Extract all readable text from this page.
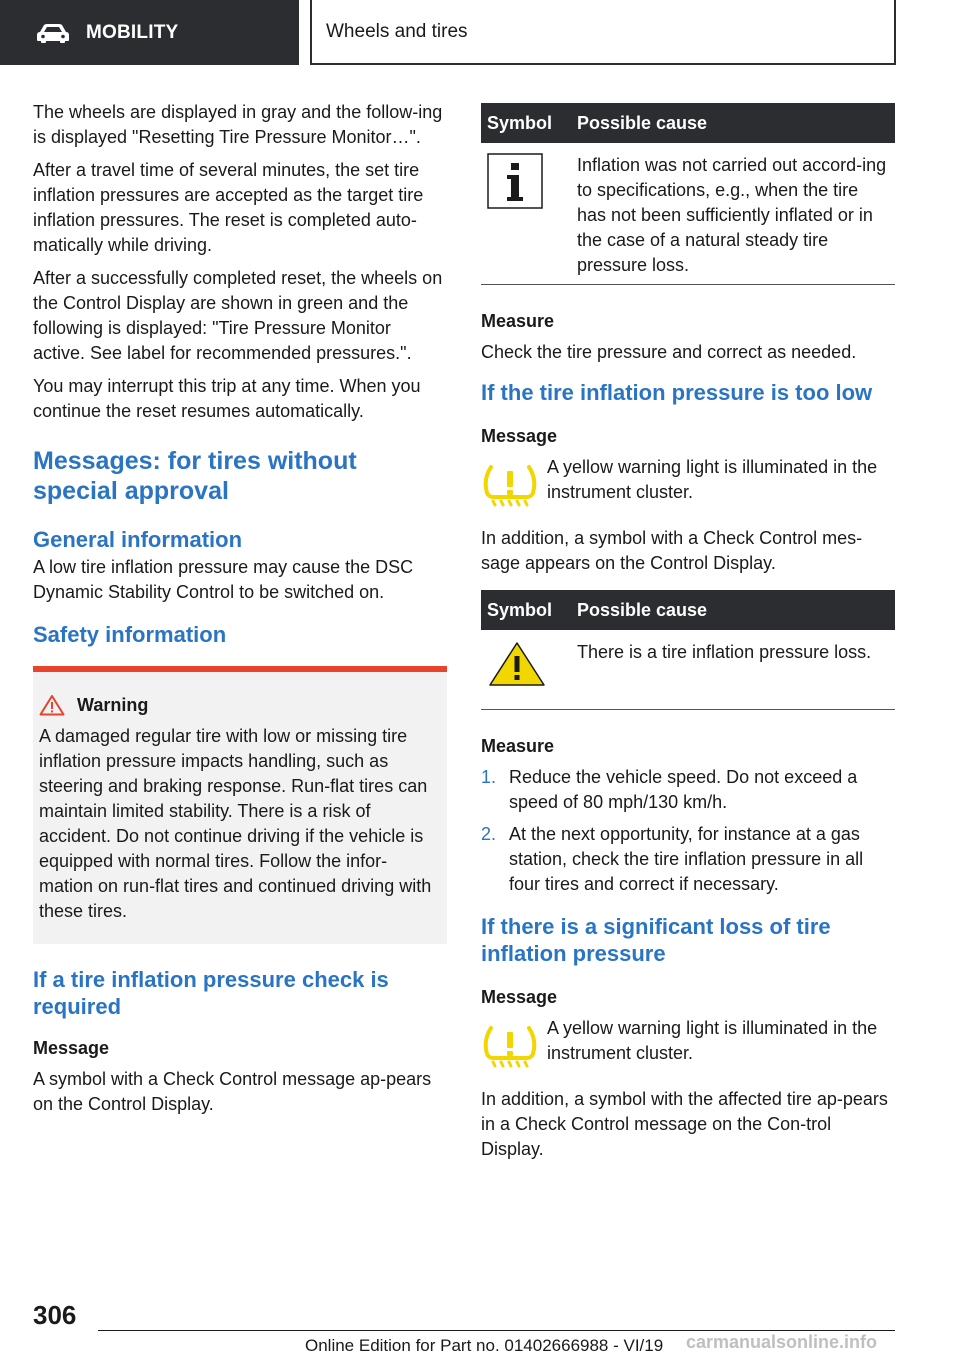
MOBILITY	Wheels and tires

The wheels are displayed in gray and the follow‐ing is displayed "Resetting Tire Pressure Monitor…".

After a travel time of several minutes, the set tire inflation pressures are accepted as the target tire inflation pressures. The reset is completed auto‐matically while driving.

After a successfully completed reset, the wheels on the Control Display are shown in green and the following is displayed: "Tire Pressure Monitor active. See label for recommended pressures.".

You may interrupt this trip at any time. When you continue the reset resumes automatically.

Messages: for tires without special approval
General information

A low tire inflation pressure may cause the DSC Dynamic Stability Control to be switched on.

Safety information
Warning

A damaged regular tire with low or missing tire inflation pressure impacts handling, such as steering and braking response. Run-flat tires can maintain limited stability. There is a risk of accident. Do not continue driving if the vehicle is equipped with normal tires. Follow the infor‐mation on run-flat tires and continued driving with these tires.

If a tire inflation pressure check is required
Message

A symbol with a Check Control message ap‐pears on the Control Display.

Symbol	Possible cause
	Inflation was not carried out accord‐ing to specifications, e.g., when the tire has not been sufficiently inflated or in the case of a natural steady tire pressure loss.
Measure

Check the tire pressure and correct as needed.

If the tire inflation pressure is too low
Message

A yellow warning light is illuminated in the instrument cluster.

In addition, a symbol with a Check Control mes‐sage appears on the Control Display.

Symbol	Possible cause
	There is a tire inflation pressure loss.
Measure
1. Reduce the vehicle speed. Do not exceed a speed of 80 mph/130 km/h.
2. At the next opportunity, for instance at a gas station, check the tire inflation pressure in all four tires and correct if necessary.
If there is a significant loss of tire inflation pressure
Message

A yellow warning light is illuminated in the instrument cluster.

In addition, a symbol with the affected tire ap‐pears in a Check Control message on the Con‐trol Display.

306
Online Edition for Part no. 01402666988 - VI/19 carmanualsonline.info
